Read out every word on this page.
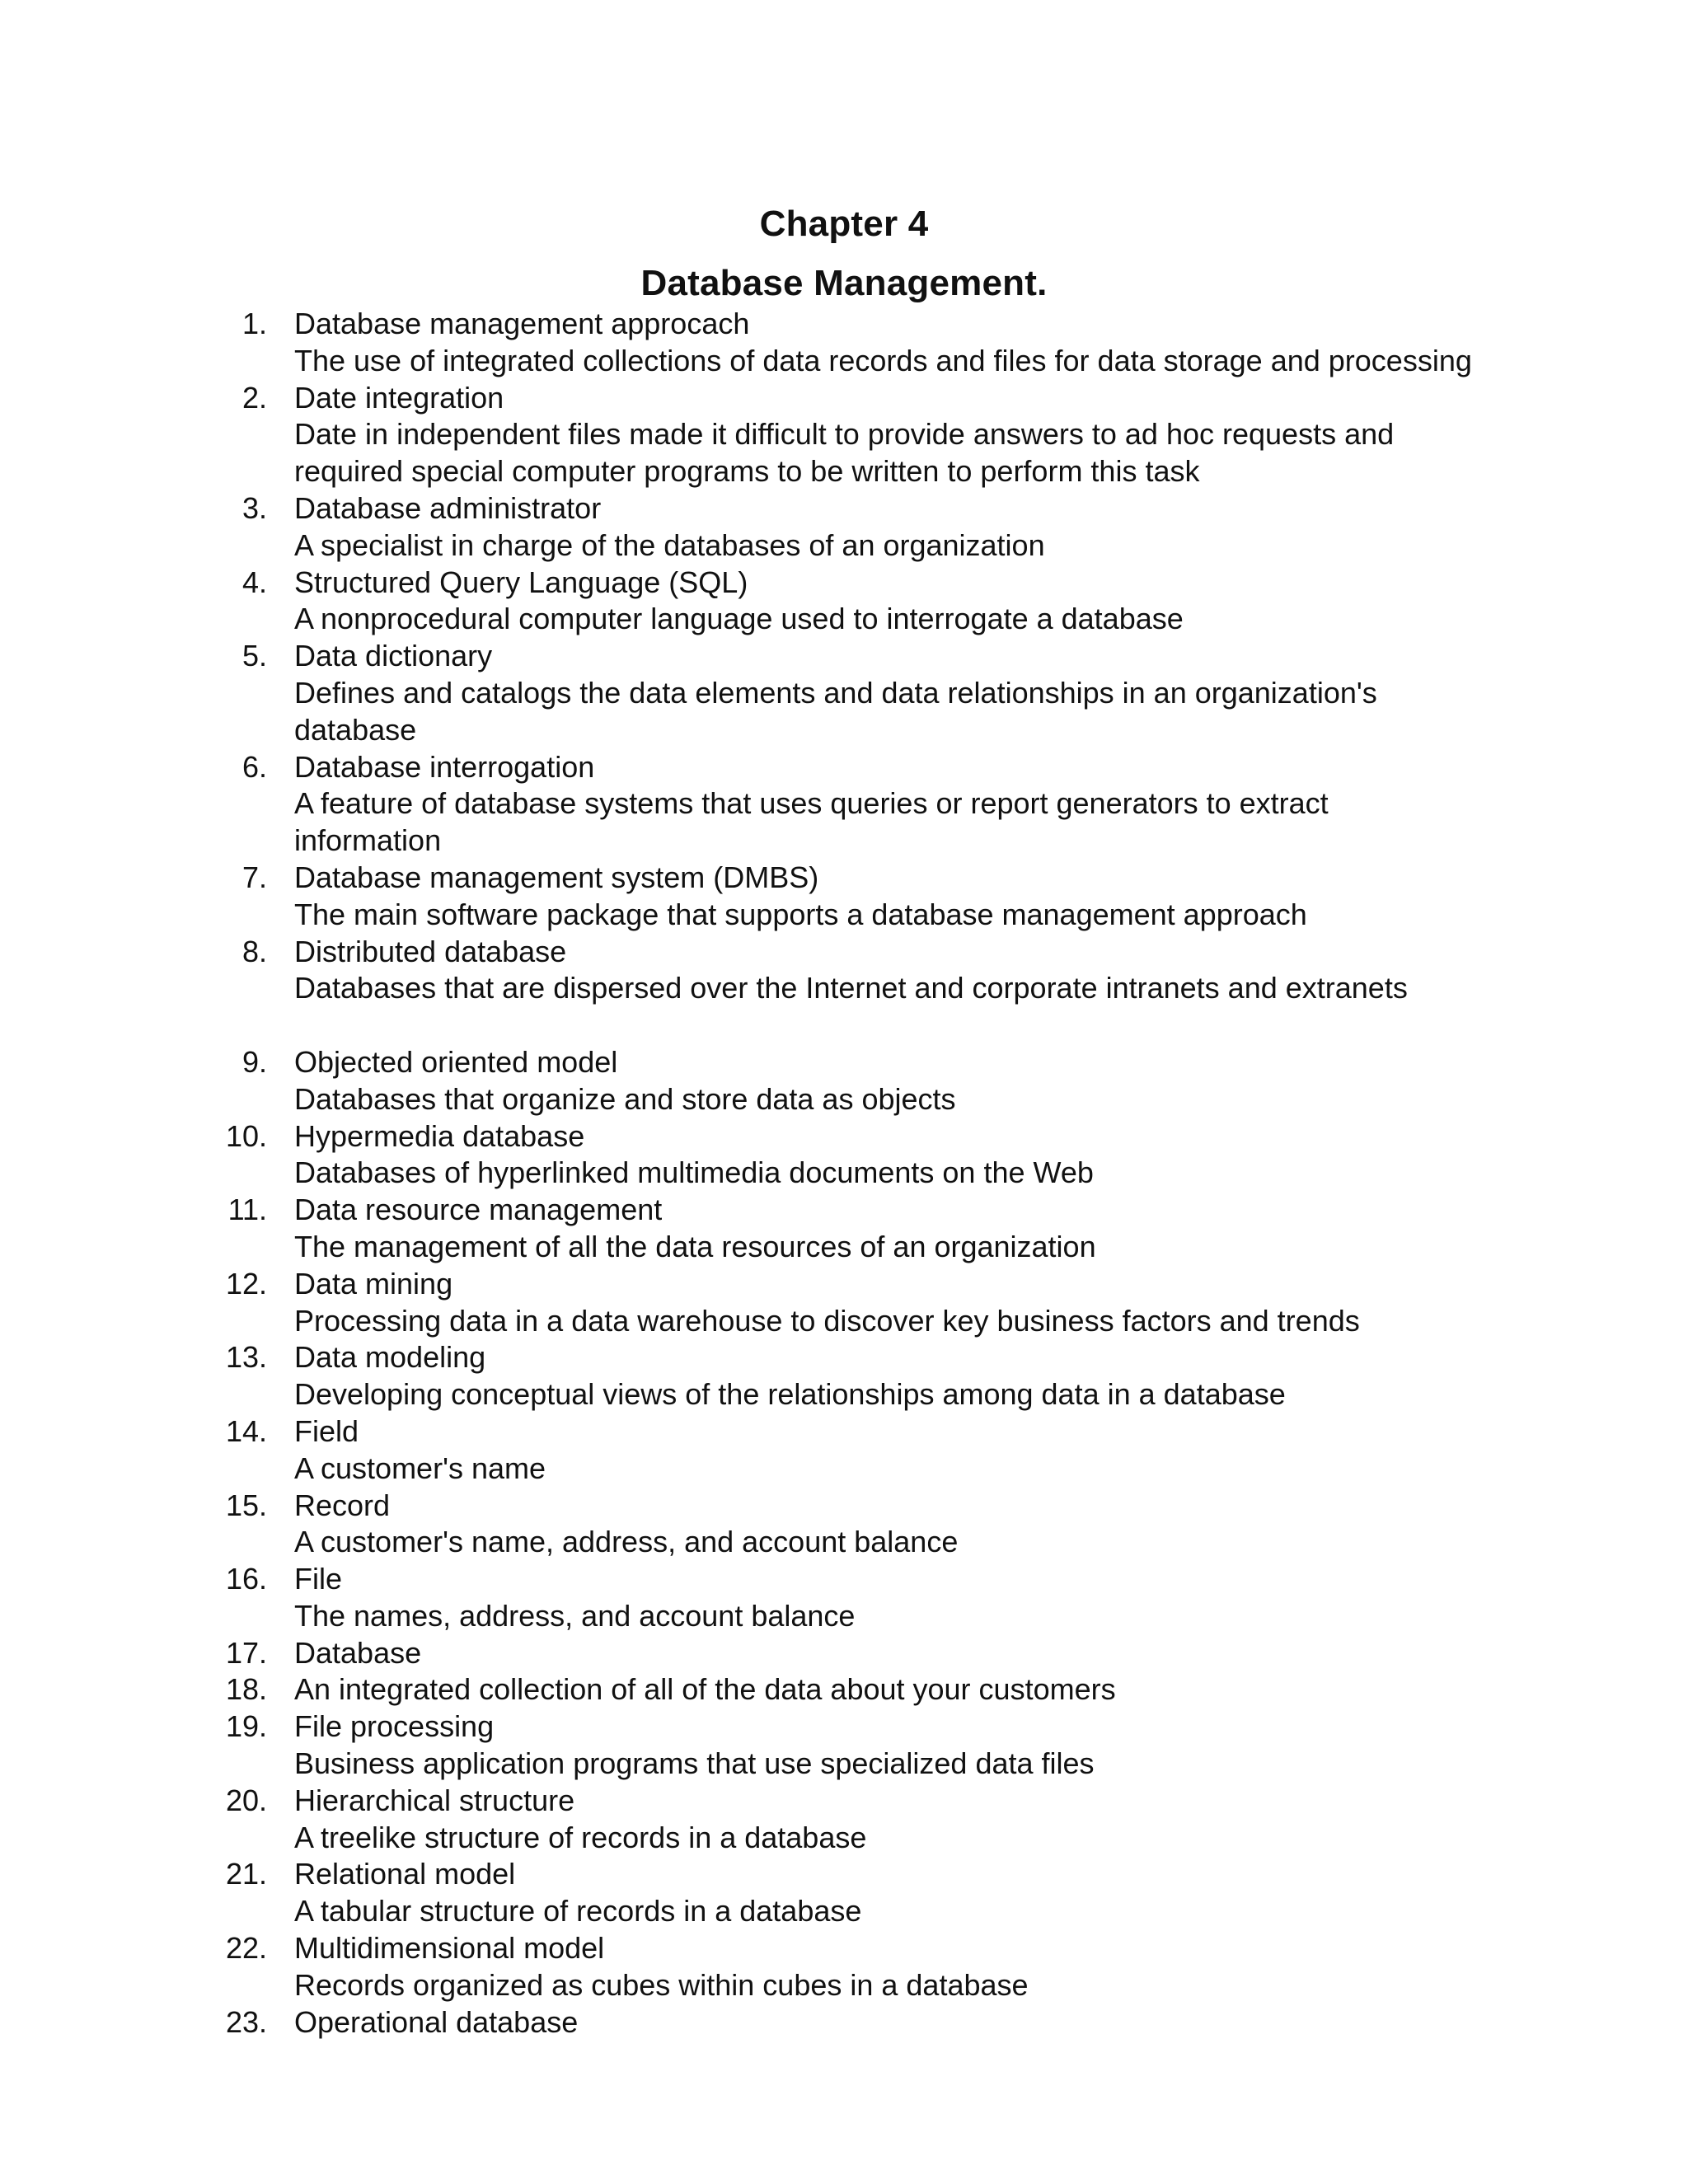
Chapter 4
Database Management.
1. Database management approcach
The use of integrated collections of data records and files for data storage and processing
2. Date integration
Date in independent files made it difficult to provide answers to ad hoc requests and required special computer programs to be written to perform this task
3. Database administrator
A specialist in charge of the databases of an organization
4. Structured Query Language (SQL)
A nonprocedural computer language used to interrogate a database
5. Data dictionary
Defines and catalogs the data elements and data relationships in an organization's database
6. Database interrogation
A feature of database systems that uses queries or report generators to extract information
7. Database management system (DMBS)
The main software package that supports a database management approach
8. Distributed database
Databases that are dispersed over the Internet and corporate intranets and extranets
9. Objected oriented model
Databases that organize and store data as objects
10. Hypermedia database
Databases of hyperlinked multimedia documents on the Web
11. Data resource management
The management of all the data resources of an organization
12. Data mining
Processing data in a data warehouse to discover key business factors and trends
13. Data modeling
Developing conceptual views of the relationships among data in a database
14. Field
A customer's name
15. Record
A customer's name, address, and account balance
16. File
The names, address, and account balance
17. Database
18. An integrated collection of all of the data about your customers
19. File processing
Business application programs that use specialized data files
20. Hierarchical structure
A treelike structure of records in a database
21. Relational model
A tabular structure of records in a database
22. Multidimensional model
Records organized as cubes within cubes in a database
23. Operational database
